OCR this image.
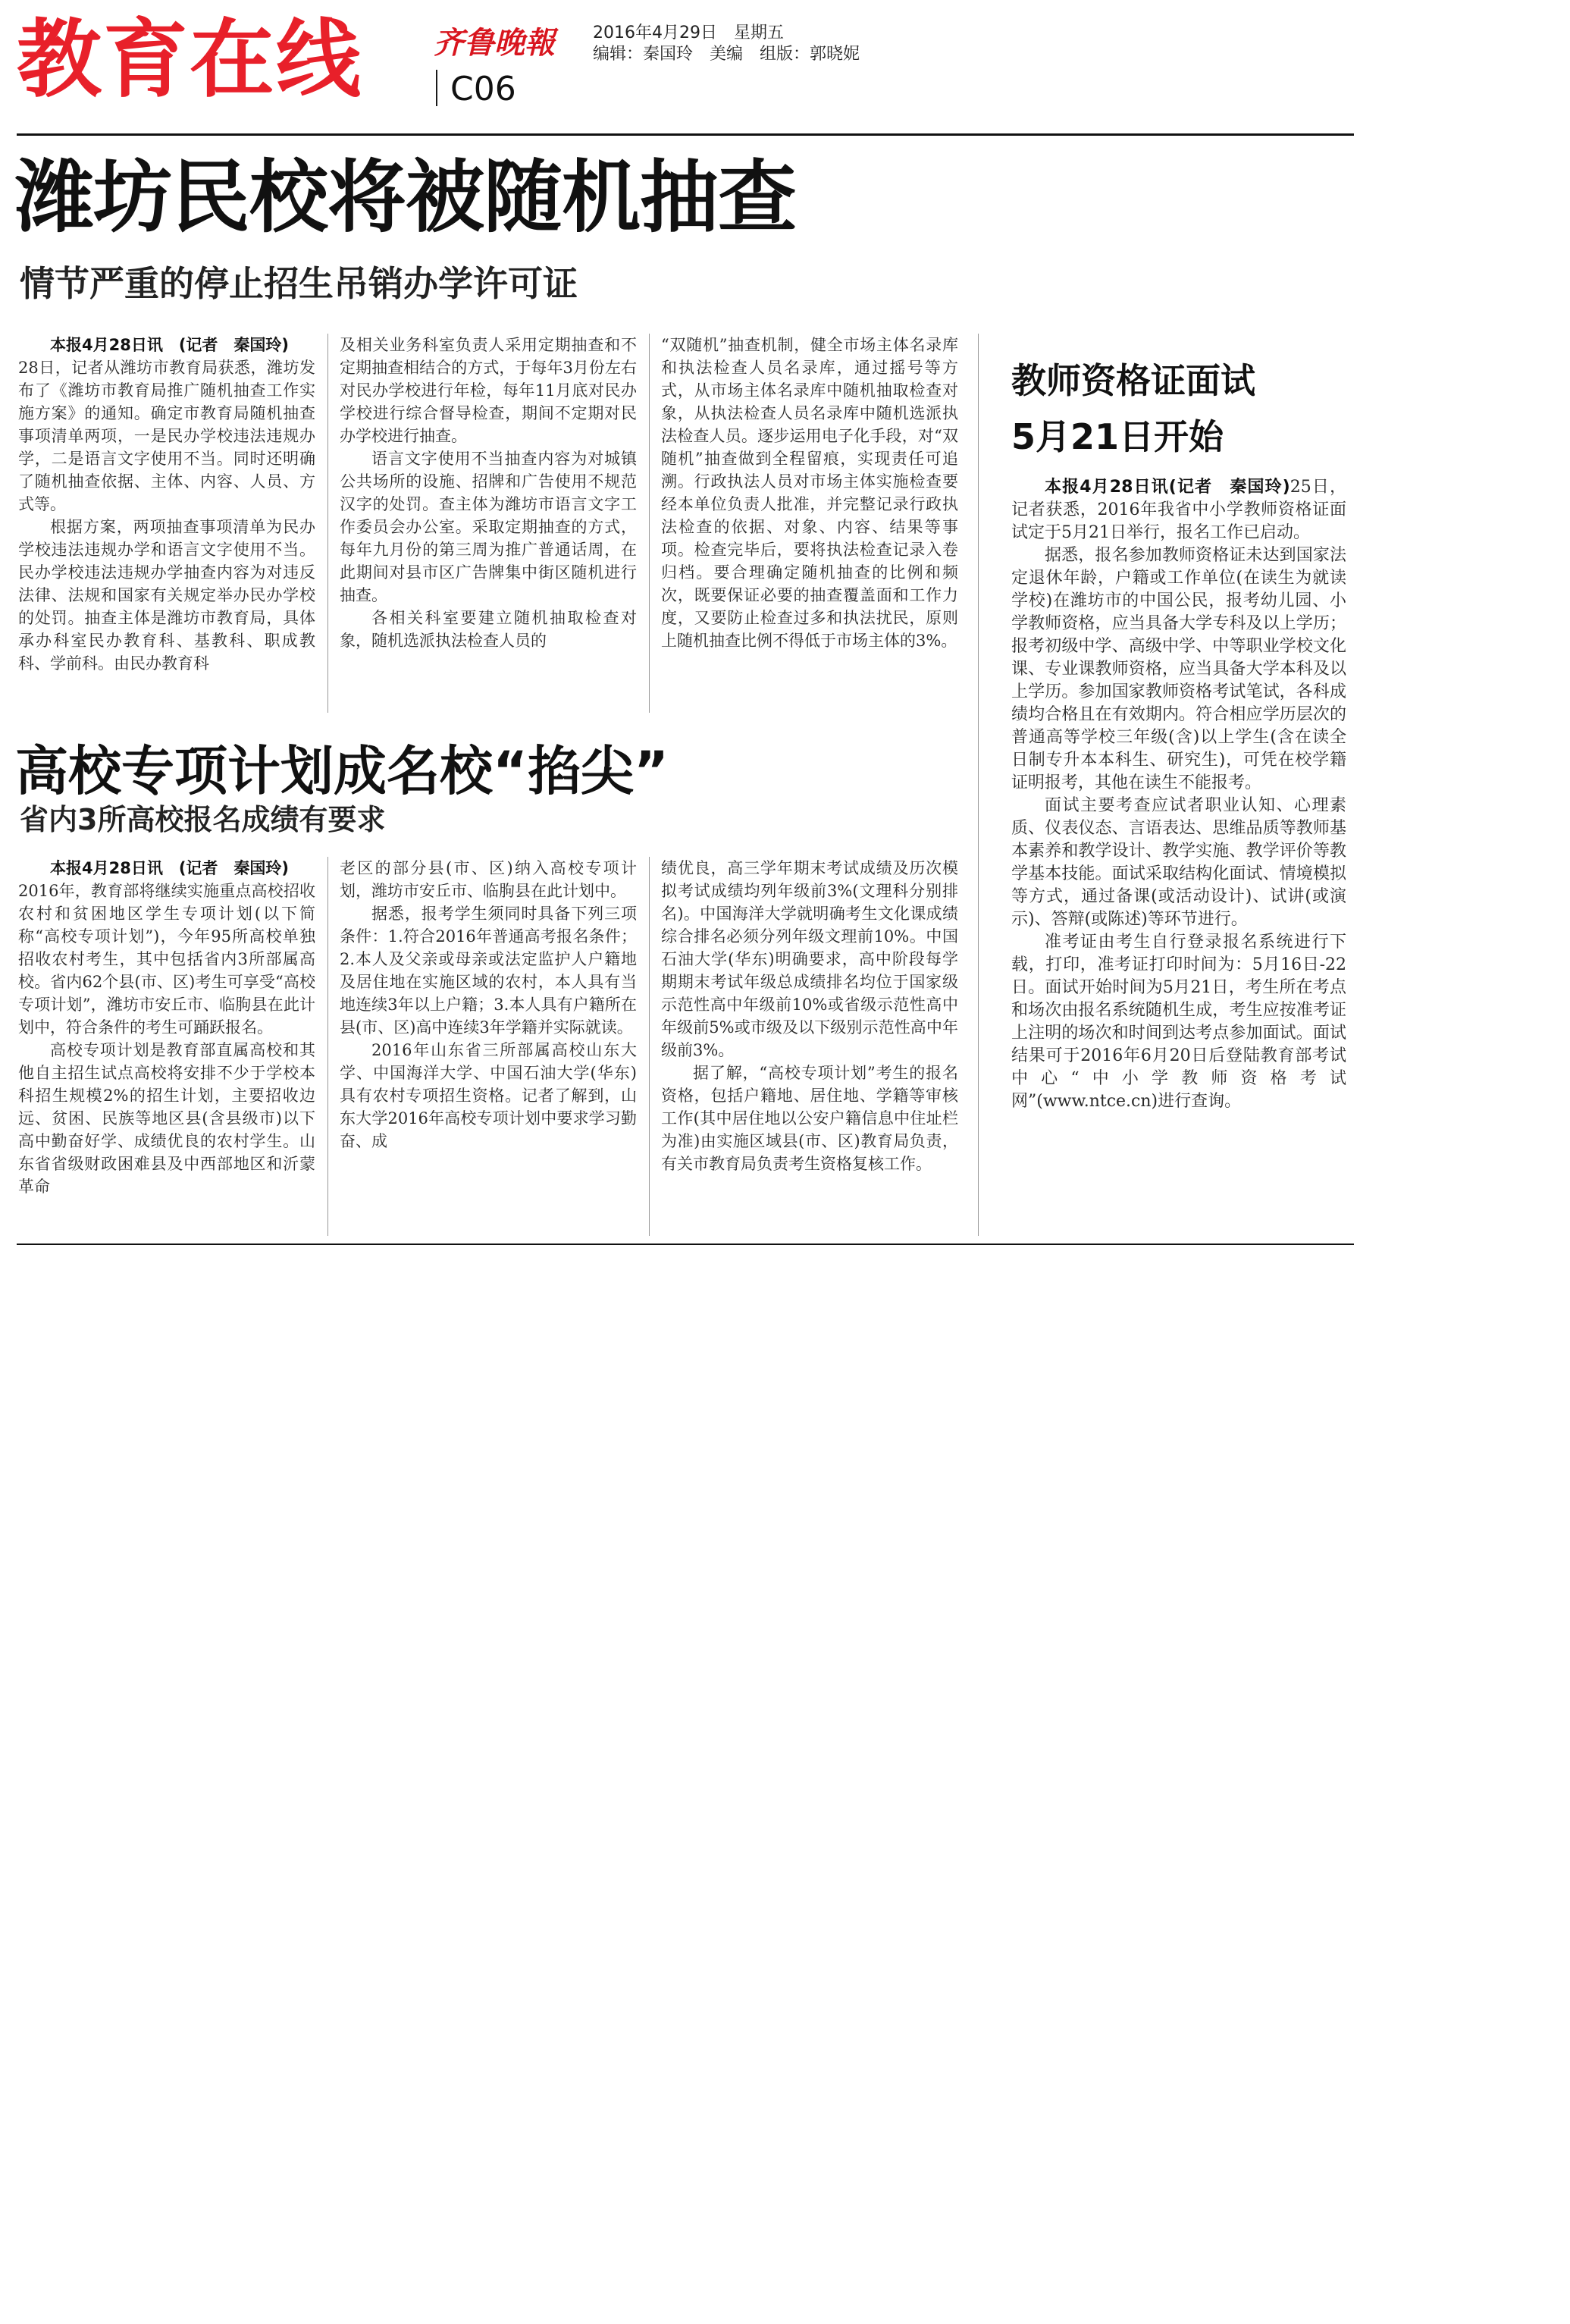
教育在线 齐鲁晚報
C06
2016年4月29日　星期五
编辑：秦国玲　美编　组版：郭晓妮
潍坊民校将被随机抽查
情节严重的停止招生吊销办学许可证

本报4月28日讯　(记者　秦国玲)

28日，记者从潍坊市教育局获悉，潍坊发布了《潍坊市教育局推广随机抽查工作实施方案》的通知。确定市教育局随机抽查事项清单两项，一是民办学校违法违规办学，二是语言文字使用不当。同时还明确了随机抽查依据、主体、内容、人员、方式等。

根据方案，两项抽查事项清单为民办学校违法违规办学和语言文字使用不当。民办学校违法违规办学抽查内容为对违反法律、法规和国家有关规定举办民办学校的处罚。抽查主体是潍坊市教育局，具体承办科室民办教育科、基教科、职成教科、学前科。由民办教育科

及相关业务科室负责人采用定期抽查和不定期抽查相结合的方式，于每年3月份左右对民办学校进行年检，每年11月底对民办学校进行综合督导检查，期间不定期对民办学校进行抽查。

语言文字使用不当抽查内容为对城镇公共场所的设施、招牌和广告使用不规范汉字的处罚。查主体为潍坊市语言文字工作委员会办公室。采取定期抽查的方式，每年九月份的第三周为推广普通话周，在此期间对县市区广告牌集中街区随机进行抽查。

各相关科室要建立随机抽取检查对象，随机选派执法检查人员的

“双随机”抽查机制，健全市场主体名录库和执法检查人员名录库，通过摇号等方式，从市场主体名录库中随机抽取检查对象，从执法检查人员名录库中随机选派执法检查人员。逐步运用电子化手段，对“双随机”抽查做到全程留痕，实现责任可追溯。行政执法人员对市场主体实施检查要经本单位负责人批准，并完整记录行政执法检查的依据、对象、内容、结果等事项。检查完毕后，要将执法检查记录入卷归档。要合理确定随机抽查的比例和频次，既要保证必要的抽查覆盖面和工作力度，又要防止检查过多和执法扰民，原则上随机抽查比例不得低于市场主体的3%。

高校专项计划成名校“掐尖”
省内3所高校报名成绩有要求

本报4月28日讯　(记者　秦国玲)

2016年，教育部将继续实施重点高校招收农村和贫困地区学生专项计划(以下简称“高校专项计划”)，今年95所高校单独招收农村考生，其中包括省内3所部属高校。省内62个县(市、区)考生可享受“高校专项计划”，潍坊市安丘市、临朐县在此计划中，符合条件的考生可踊跃报名。

高校专项计划是教育部直属高校和其他自主招生试点高校将安排不少于学校本科招生规模2%的招生计划，主要招收边远、贫困、民族等地区县(含县级市)以下高中勤奋好学、成绩优良的农村学生。山东省省级财政困难县及中西部地区和沂蒙革命

老区的部分县(市、区)纳入高校专项计划，潍坊市安丘市、临朐县在此计划中。

据悉，报考学生须同时具备下列三项条件：1.符合2016年普通高考报名条件；2.本人及父亲或母亲或法定监护人户籍地及居住地在实施区域的农村，本人具有当地连续3年以上户籍；3.本人具有户籍所在县(市、区)高中连续3年学籍并实际就读。

2016年山东省三所部属高校山东大学、中国海洋大学、中国石油大学(华东)具有农村专项招生资格。记者了解到，山东大学2016年高校专项计划中要求学习勤奋、成

绩优良，高三学年期末考试成绩及历次模拟考试成绩均列年级前3%(文理科分别排名)。中国海洋大学就明确考生文化课成绩综合排名必须分列年级文理前10%。中国石油大学(华东)明确要求，高中阶段每学期期末考试年级总成绩排名均位于国家级示范性高中年级前10%或省级示范性高中年级前5%或市级及以下级别示范性高中年级前3%。

据了解，“高校专项计划”考生的报名资格，包括户籍地、居住地、学籍等审核工作(其中居住地以公安户籍信息中住址栏为准)由实施区域县(市、区)教育局负责，有关市教育局负责考生资格复核工作。

教师资格证面试
5月21日开始

本报4月28日讯(记者　秦国玲)25日，记者获悉，2016年我省中小学教师资格证面试定于5月21日举行，报名工作已启动。

据悉，报名参加教师资格证未达到国家法定退休年龄，户籍或工作单位(在读生为就读学校)在潍坊市的中国公民，报考幼儿园、小学教师资格，应当具备大学专科及以上学历；报考初级中学、高级中学、中等职业学校文化课、专业课教师资格，应当具备大学本科及以上学历。参加国家教师资格考试笔试，各科成绩均合格且在有效期内。符合相应学历层次的普通高等学校三年级(含)以上学生(含在读全日制专升本本科生、研究生)，可凭在校学籍证明报考，其他在读生不能报考。

面试主要考查应试者职业认知、心理素质、仪表仪态、言语表达、思维品质等教师基本素养和教学设计、教学实施、教学评价等教学基本技能。面试采取结构化面试、情境模拟等方式，通过备课(或活动设计)、试讲(或演示)、答辩(或陈述)等环节进行。

准考证由考生自行登录报名系统进行下载，打印，准考证打印时间为：5月16日-22日。面试开始时间为5月21日，考生所在考点和场次由报名系统随机生成，考生应按准考证上注明的场次和时间到达考点参加面试。面试结果可于2016年6月20日后登陆教育部考试中心“中小学教师资格考试网”(www.ntce.cn)进行查询。
